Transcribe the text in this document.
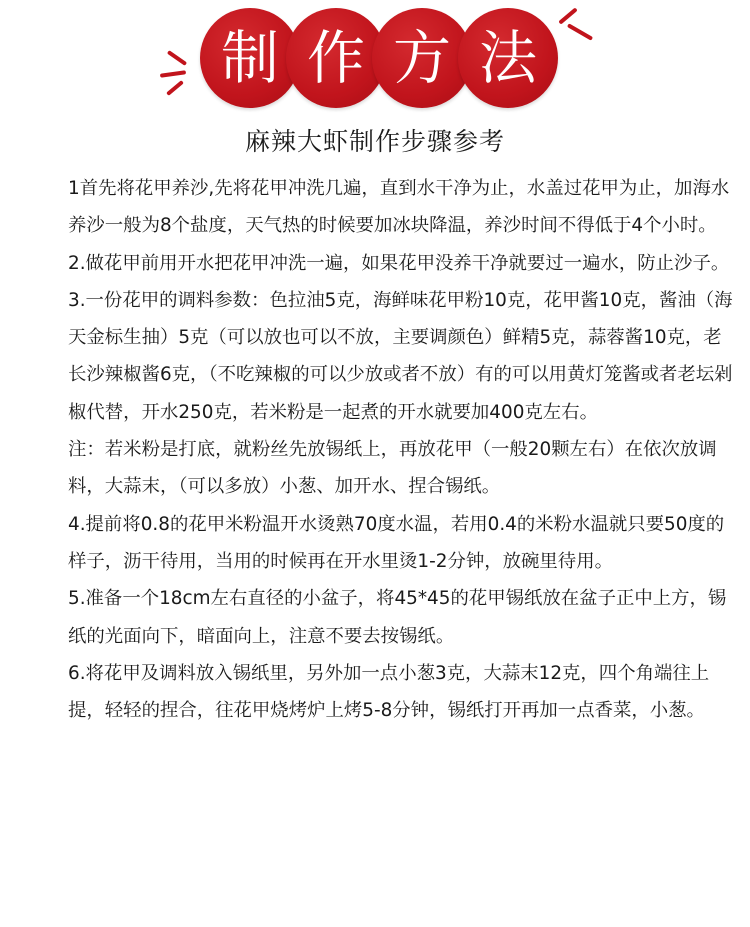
制 作 方 法
麻辣大虾制作步骤参考

1首先将花甲养沙,先将花甲冲洗几遍，直到水干净为止，水盖过花甲为止，加海水养沙一般为8个盐度，天气热的时候要加冰块降温，养沙时间不得低于4个小时。

2.做花甲前用开水把花甲冲洗一遍，如果花甲没养干净就要过一遍水，防止沙子。

3.一份花甲的调料参数：色拉油5克，海鲜味花甲粉10克，花甲酱10克，酱油（海天金标生抽）5克（可以放也可以不放，主要调颜色）鲜精5克，蒜蓉酱10克，老长沙辣椒酱6克，（不吃辣椒的可以少放或者不放）有的可以用黄灯笼酱或者老坛剁椒代替，开水250克，若米粉是一起煮的开水就要加400克左右。

注：若米粉是打底，就粉丝先放锡纸上，再放花甲（一般20颗左右）在依次放调料，大蒜末，（可以多放）小葱、加开水、捏合锡纸。

4.提前将0.8的花甲米粉温开水烫熟70度水温，若用0.4的米粉水温就只要50度的样子，沥干待用，当用的时候再在开水里烫1-2分钟，放碗里待用。

5.准备一个18cm左右直径的小盆子，将45*45的花甲锡纸放在盆子正中上方，锡纸的光面向下，暗面向上，注意不要去按锡纸。

6.将花甲及调料放入锡纸里，另外加一点小葱3克，大蒜末12克，四个角端往上提，轻轻的捏合，往花甲烧烤炉上烤5-8分钟，锡纸打开再加一点香菜，小葱。
